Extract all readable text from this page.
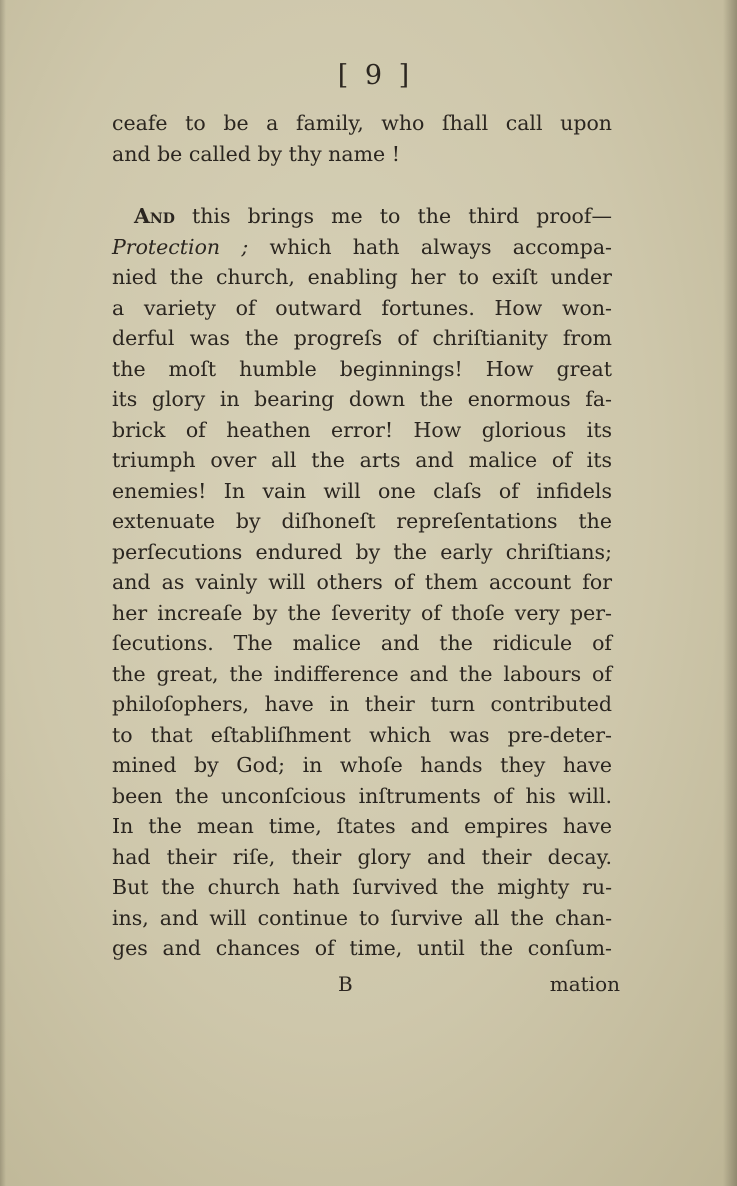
[ 9 ]
ceafe to be a family, who ſhall call upon
and be called by thy name !
And this brings me to the third proof—
Protection ; which hath always accompa-
nied the church, enabling her to exiſt under
a variety of outward fortunes. How won-
derful was the progreſs of chriſtianity from
the moſt humble beginnings! How great
its glory in bearing down the enormous fa-
brick of heathen error! How glorious its
triumph over all the arts and malice of its
enemies! In vain will one claſs of infidels
extenuate by diſhoneſt repreſentations the
perſecutions endured by the early chriſtians;
and as vainly will others of them account for
her increaſe by the ſeverity of thoſe very per-
ſecutions. The malice and the ridicule of
the great, the indifference and the labours of
philoſophers, have in their turn contributed
to that eſtabliſhment which was pre-deter-
mined by God; in whoſe hands they have
been the unconſcious inſtruments of his will.
In the mean time, ſtates and empires have
had their riſe, their glory and their decay.
But the church hath ſurvived the mighty ru-
ins, and will continue to ſurvive all the chan-
ges and chances of time, until the conſum-
B	mation
